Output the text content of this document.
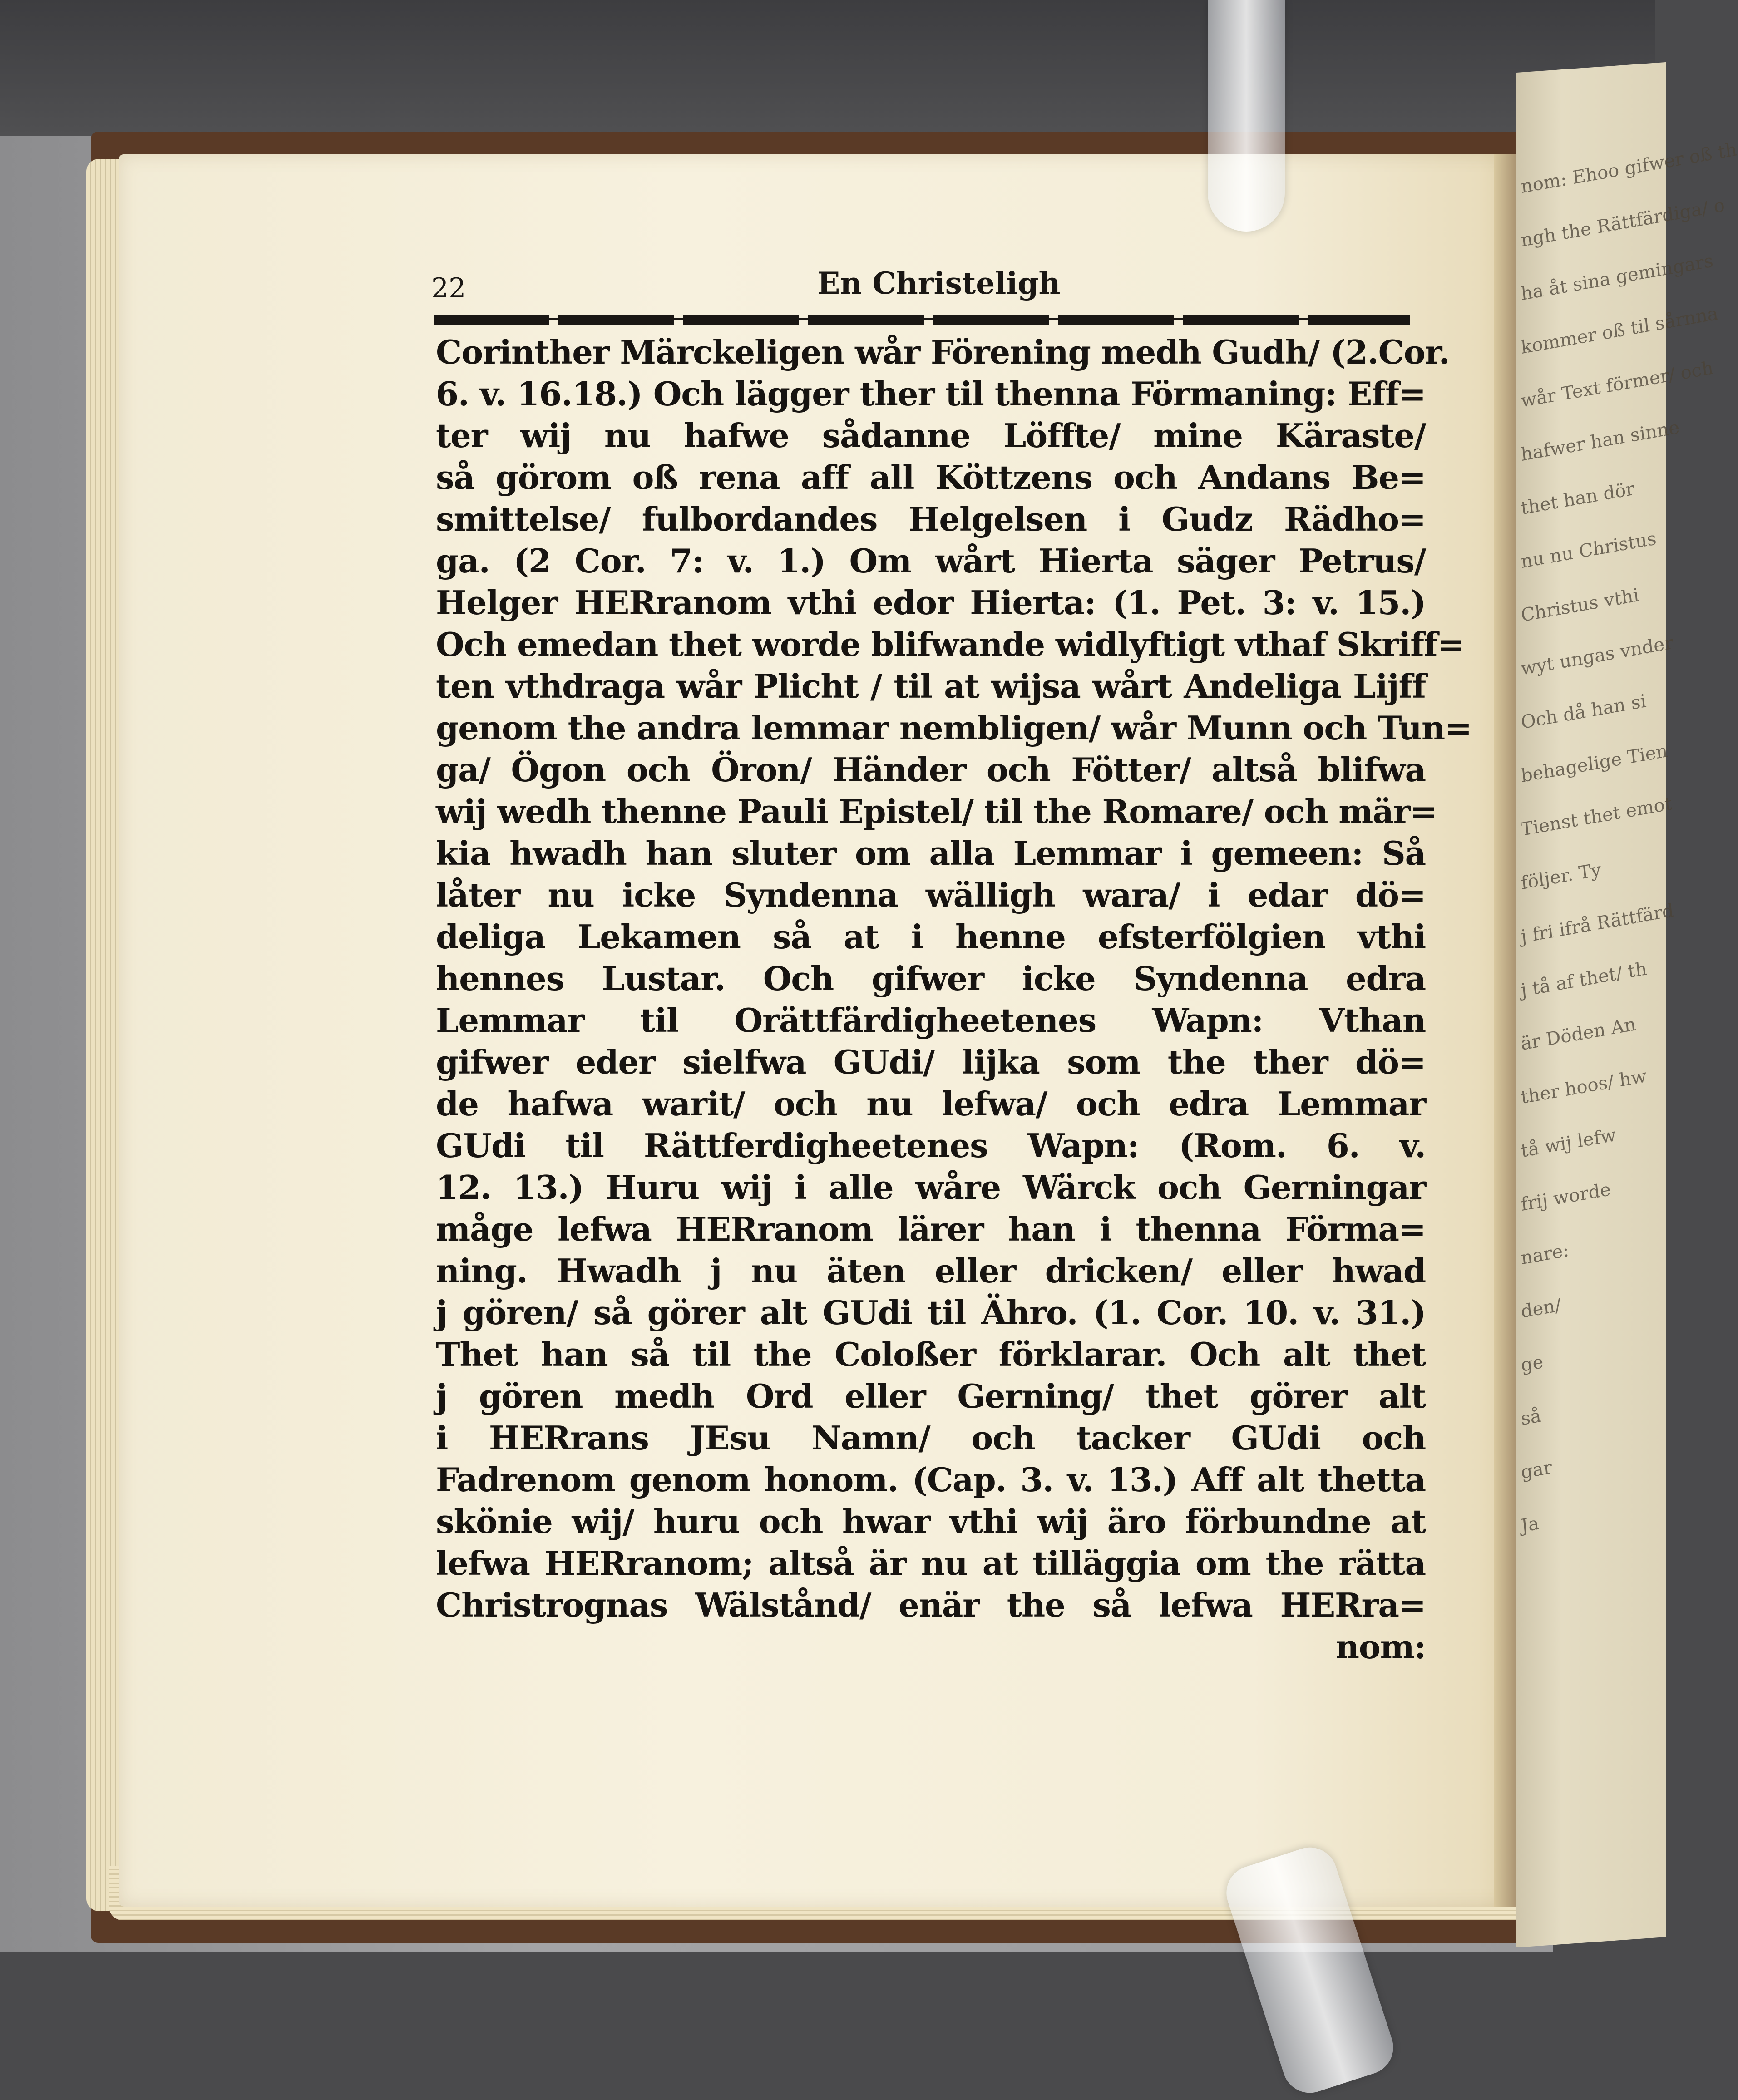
nom: Ehoo gifwer oß th
ngh the Rättfärdiga/ o
ha åt sina gemingars
kommer oß til sårnna
wår Text förmer/ och
hafwer han sinne
thet han dör
nu nu Christus
Christus vthi
wyt ungas vnder
Och då han si
behagelige Tien
Tienst thet emot
följer. Ty
j fri ifrå Rättfärd
j tå af thet/ th
är Döden An
ther hoos/ hw
tå wij lefw
frij worde
nare:
den/
ge
så
gar
Ja
22	En Christeligh
Corinther Märckeligen wår Förening medh Gudh/ (2.Cor.
6. v. 16.18.) Och lägger ther til thenna Förmaning: Eff=
ter wij nu hafwe sådanne Löffte/ mine Käraste/
så görom oß rena aff all Köttzens och Andans Be=
smittelse/ fulbordandes Helgelsen i Gudz Rädho=
ga. (2 Cor. 7: v. 1.) Om wårt Hierta säger Petrus/
Helger HERranom vthi edor Hierta: (1. Pet. 3: v. 15.)
Och emedan thet worde blifwande widlyftigt vthaf Skriff=
ten vthdraga wår Plicht / til at wijsa wårt Andeliga Lijff
genom the andra lemmar nembligen/ wår Munn och Tun=
ga/ Ögon och Öron/ Händer och Fötter/ altså blifwa
wij wedh thenne Pauli Epistel/ til the Romare/ och mär=
kia hwadh han sluter om alla Lemmar i gemeen: Så
låter nu icke Syndenna wälligh wara/ i edar dö=
deliga Lekamen så at i henne efsterfölgien vthi
hennes Lustar. Och gifwer icke Syndenna edra
Lemmar til Orättfärdigheetenes Wapn: Vthan
gifwer eder sielfwa GUdi/ lijka som the ther dö=
de hafwa warit/ och nu lefwa/ och edra Lemmar
GUdi til Rättferdigheetenes Wapn: (Rom. 6. v.
12. 13.) Huru wij i alle wåre Wärck och Gerningar
måge lefwa HERranom lärer han i thenna Förma=
ning. Hwadh j nu äten eller dricken/ eller hwad
j gören/ så görer alt GUdi til Ähro. (1. Cor. 10. v. 31.)
Thet han så til the Coloßer förklarar. Och alt thet
j gören medh Ord eller Gerning/ thet görer alt
i HERrans JEsu Namn/ och tacker GUdi och
Fadrenom genom honom. (Cap. 3. v. 13.) Aff alt thetta
skönie wij/ huru och hwar vthi wij äro förbundne at
lefwa HERranom; altså är nu at tilläggia om the rätta
Christrognas Wälstånd/ enär the så lefwa HERra=
nom:
